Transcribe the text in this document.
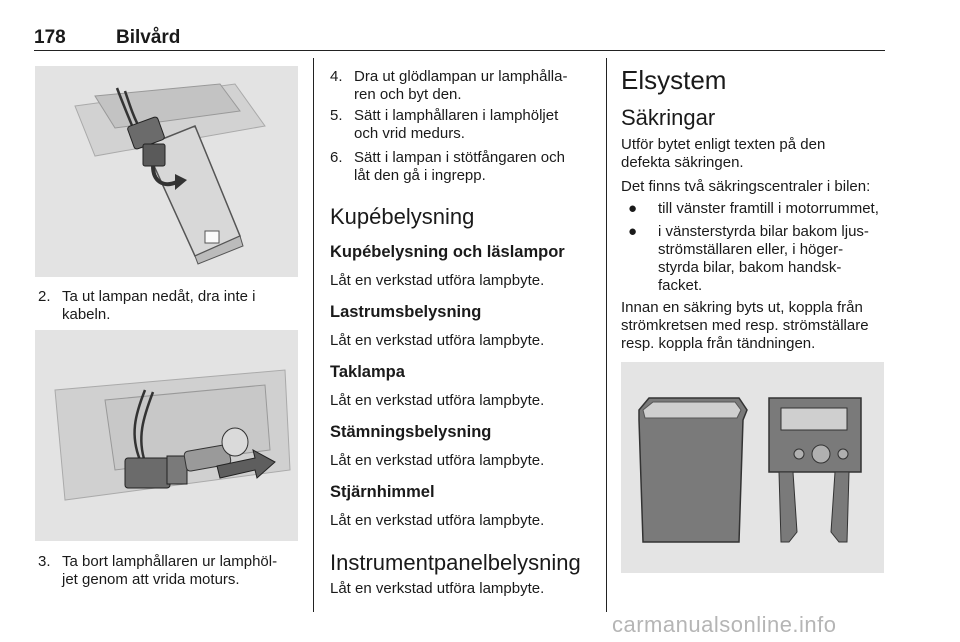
178	Bilvård
2. Ta ut lampan nedåt, dra inte i
kabeln.
3. Ta bort lamphållaren ur lamphöl-
jet genom att vrida moturs.
4. Dra ut glödlampan ur lamphålla-
ren och byt den.
5. Sätt i lamphållaren i lamphöljet
och vrid medurs.
6. Sätt i lampan i stötfångaren och
låt den gå i ingrepp.
Kupébelysning
Kupébelysning och läslampor
Låt en verkstad utföra lampbyte.
Lastrumsbelysning
Låt en verkstad utföra lampbyte.
Taklampa
Låt en verkstad utföra lampbyte.
Stämningsbelysning
Låt en verkstad utföra lampbyte.
Stjärnhimmel
Låt en verkstad utföra lampbyte.
Instrumentpanelbelysning
Låt en verkstad utföra lampbyte.
Elsystem
Säkringar
Utför bytet enligt texten på den
defekta säkringen.
Det finns två säkringscentraler i bilen:
● till vänster framtill i motorrummet,
● i vänsterstyrda bilar bakom ljus-
strömställaren eller, i höger-
styrda bilar, bakom handsk-
facket.
Innan en säkring byts ut, koppla från
strömkretsen med resp. strömställare
resp. koppla från tändningen.
carmanualsonline.info
